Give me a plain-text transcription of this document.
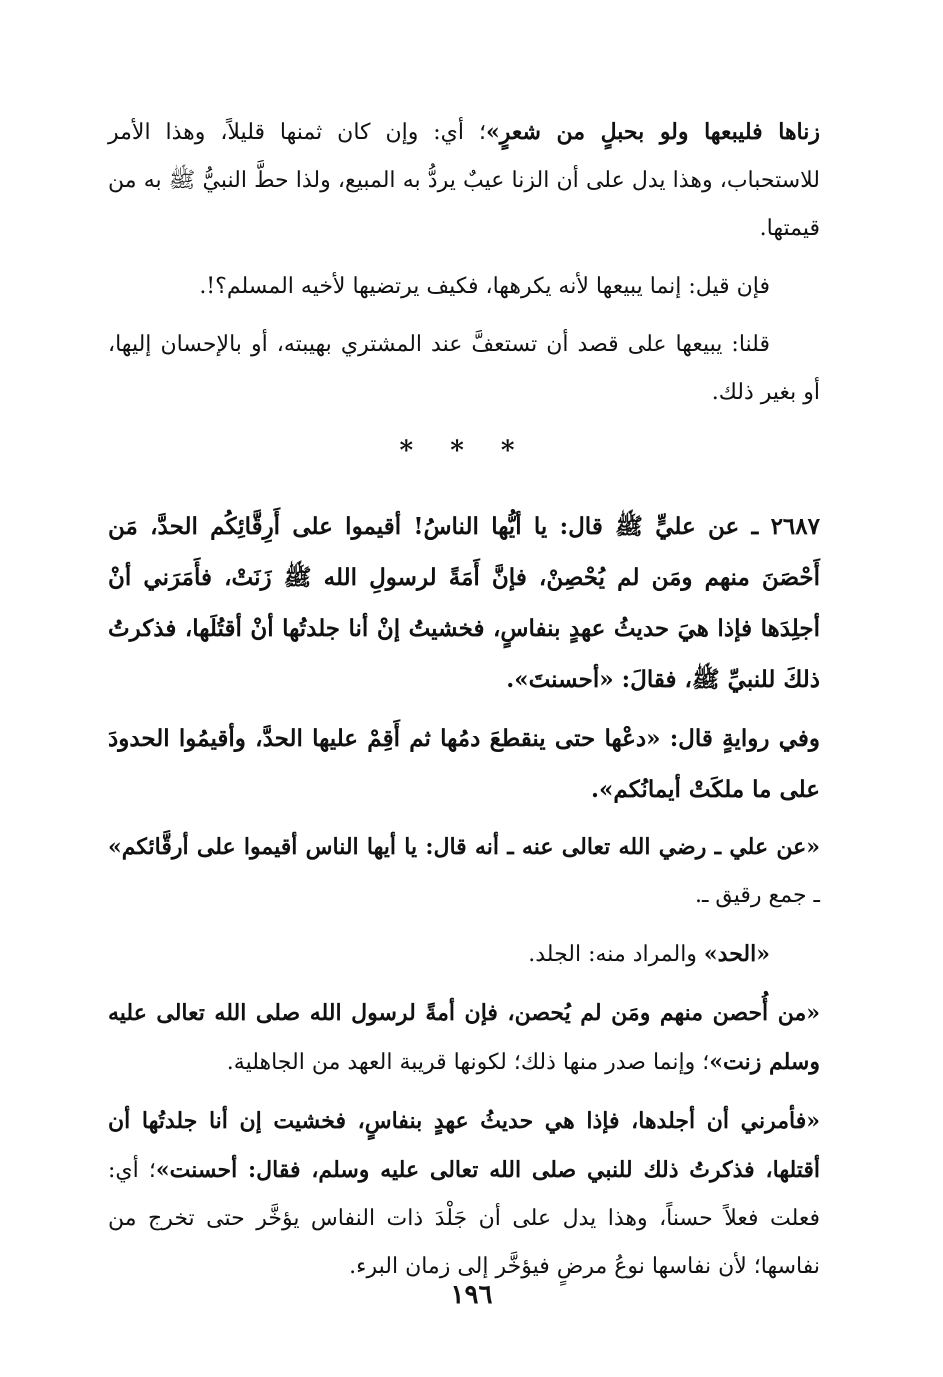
زناها فليبعها ولو بحبلٍ من شعرٍ»؛ أي: وإن كان ثمنها قليلاً، وهذا الأمر للاستحباب، وهذا يدل على أن الزنا عيبٌ يردُّ به المبيع، ولذا حطَّ النبيُّ ﷺ به من قيمتها.

فإن قيل: إنما يبيعها لأنه يكرهها، فكيف يرتضيها لأخيه المسلم؟!.

قلنا: يبيعها على قصد أن تستعفَّ عند المشتري بهيبته، أو بالإحسان إليها، أو بغير ذلك.

* * *

٢٦٨٧ ـ عن عليٍّ ﷺ قال: يا أيُّها الناسُ! أقيموا على أَرِقَّائِكُم الحدَّ، مَن أَحْصَنَ منهم ومَن لم يُحْصِنْ، فإنَّ أَمَةً لرسولِ الله ﷺ زَنَتْ، فأَمَرَني أنْ أجلِدَها فإذا هيَ حديثُ عهدٍ بنفاسٍ، فخشيتُ إنْ أنا جلدتُها أنْ أقتُلَها، فذكرتُ ذلكَ للنبيِّ ﷺ، فقالَ: «أحسنتَ».

وفي روايةٍ قال: «دعْها حتى ينقطعَ دمُها ثم أَقِمْ عليها الحدَّ، وأقيمُوا الحدودَ على ما ملكَتْ أيمانُكم».

«عن علي ـ رضي الله تعالى عنه ـ أنه قال: يا أيها الناس أقيموا على أرقَّائكم» ـ جمع رقيق ـ.

«الحد» والمراد منه: الجلد.

«من أُحصن منهم ومَن لم يُحصن، فإن أمةً لرسول الله صلى الله تعالى عليه وسلم زنت»؛ وإنما صدر منها ذلك؛ لكونها قريبة العهد من الجاهلية.

«فأمرني أن أجلدها، فإذا هي حديثُ عهدٍ بنفاسٍ، فخشيت إن أنا جلدتُها أن أقتلها، فذكرتُ ذلك للنبي صلى الله تعالى عليه وسلم، فقال: أحسنت»؛ أي: فعلت فعلاً حسناً، وهذا يدل على أن جَلْدَ ذات النفاس يؤخَّر حتى تخرج من نفاسها؛ لأن نفاسها نوعُ مرضٍ فيؤخَّر إلى زمان البرء.

١٩٦
